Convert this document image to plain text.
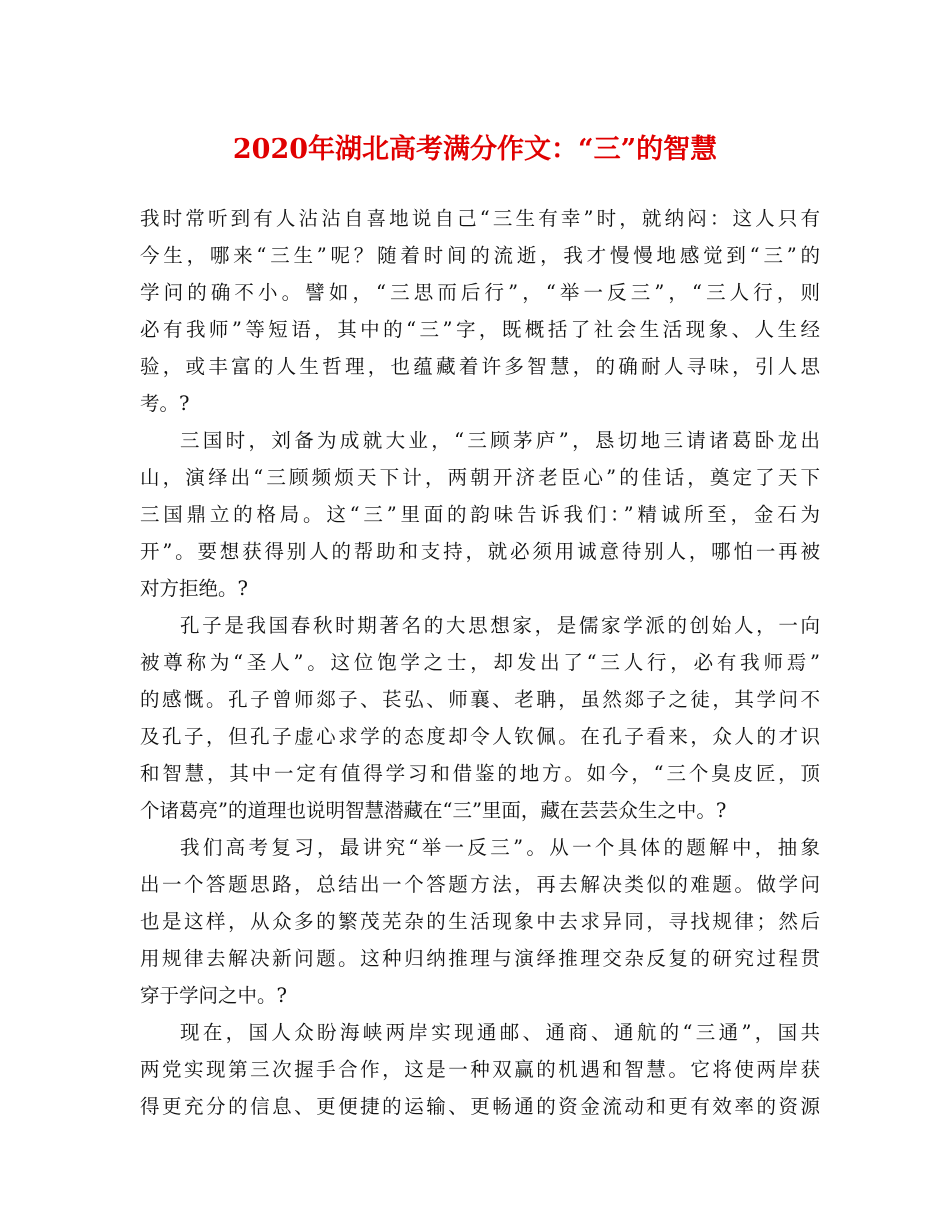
2020年湖北高考满分作文：“三”的智慧
我时常听到有人沾沾自喜地说自己“三生有幸”时，就纳闷：这人只有
今生，哪来“三生”呢？随着时间的流逝，我才慢慢地感觉到“三”的
学问的确不小。譬如，“三思而后行”，“举一反三”，“三人行，则
必有我师”等短语，其中的“三”字，既概括了社会生活现象、人生经
验，或丰富的人生哲理，也蕴藏着许多智慧，的确耐人寻味，引人思
考。?
三国时，刘备为成就大业，“三顾茅庐”，恳切地三请诸葛卧龙出
山，演绎出“三顾频烦天下计，两朝开济老臣心”的佳话，奠定了天下
三国鼎立的格局。这“三”里面的韵味告诉我们：”精诚所至，金石为
开”。要想获得别人的帮助和支持，就必须用诚意待别人，哪怕一再被
对方拒绝。?
孔子是我国春秋时期著名的大思想家，是儒家学派的创始人，一向
被尊称为“圣人”。这位饱学之士，却发出了“三人行，必有我师焉”
的感慨。孔子曾师郯子、苌弘、师襄、老聃，虽然郯子之徒，其学问不
及孔子，但孔子虚心求学的态度却令人钦佩。在孔子看来，众人的才识
和智慧，其中一定有值得学习和借鉴的地方。如今，“三个臭皮匠，顶
个诸葛亮”的道理也说明智慧潜藏在“三”里面，藏在芸芸众生之中。?
我们高考复习，最讲究“举一反三”。从一个具体的题解中，抽象
出一个答题思路，总结出一个答题方法，再去解决类似的难题。做学问
也是这样，从众多的繁茂芜杂的生活现象中去求异同，寻找规律；然后
用规律去解决新问题。这种归纳推理与演绎推理交杂反复的研究过程贯
穿于学问之中。?
现在，国人众盼海峡两岸实现通邮、通商、通航的“三通”，国共
两党实现第三次握手合作，这是一种双赢的机遇和智慧。它将使两岸获
得更充分的信息、更便捷的运输、更畅通的资金流动和更有效率的资源
